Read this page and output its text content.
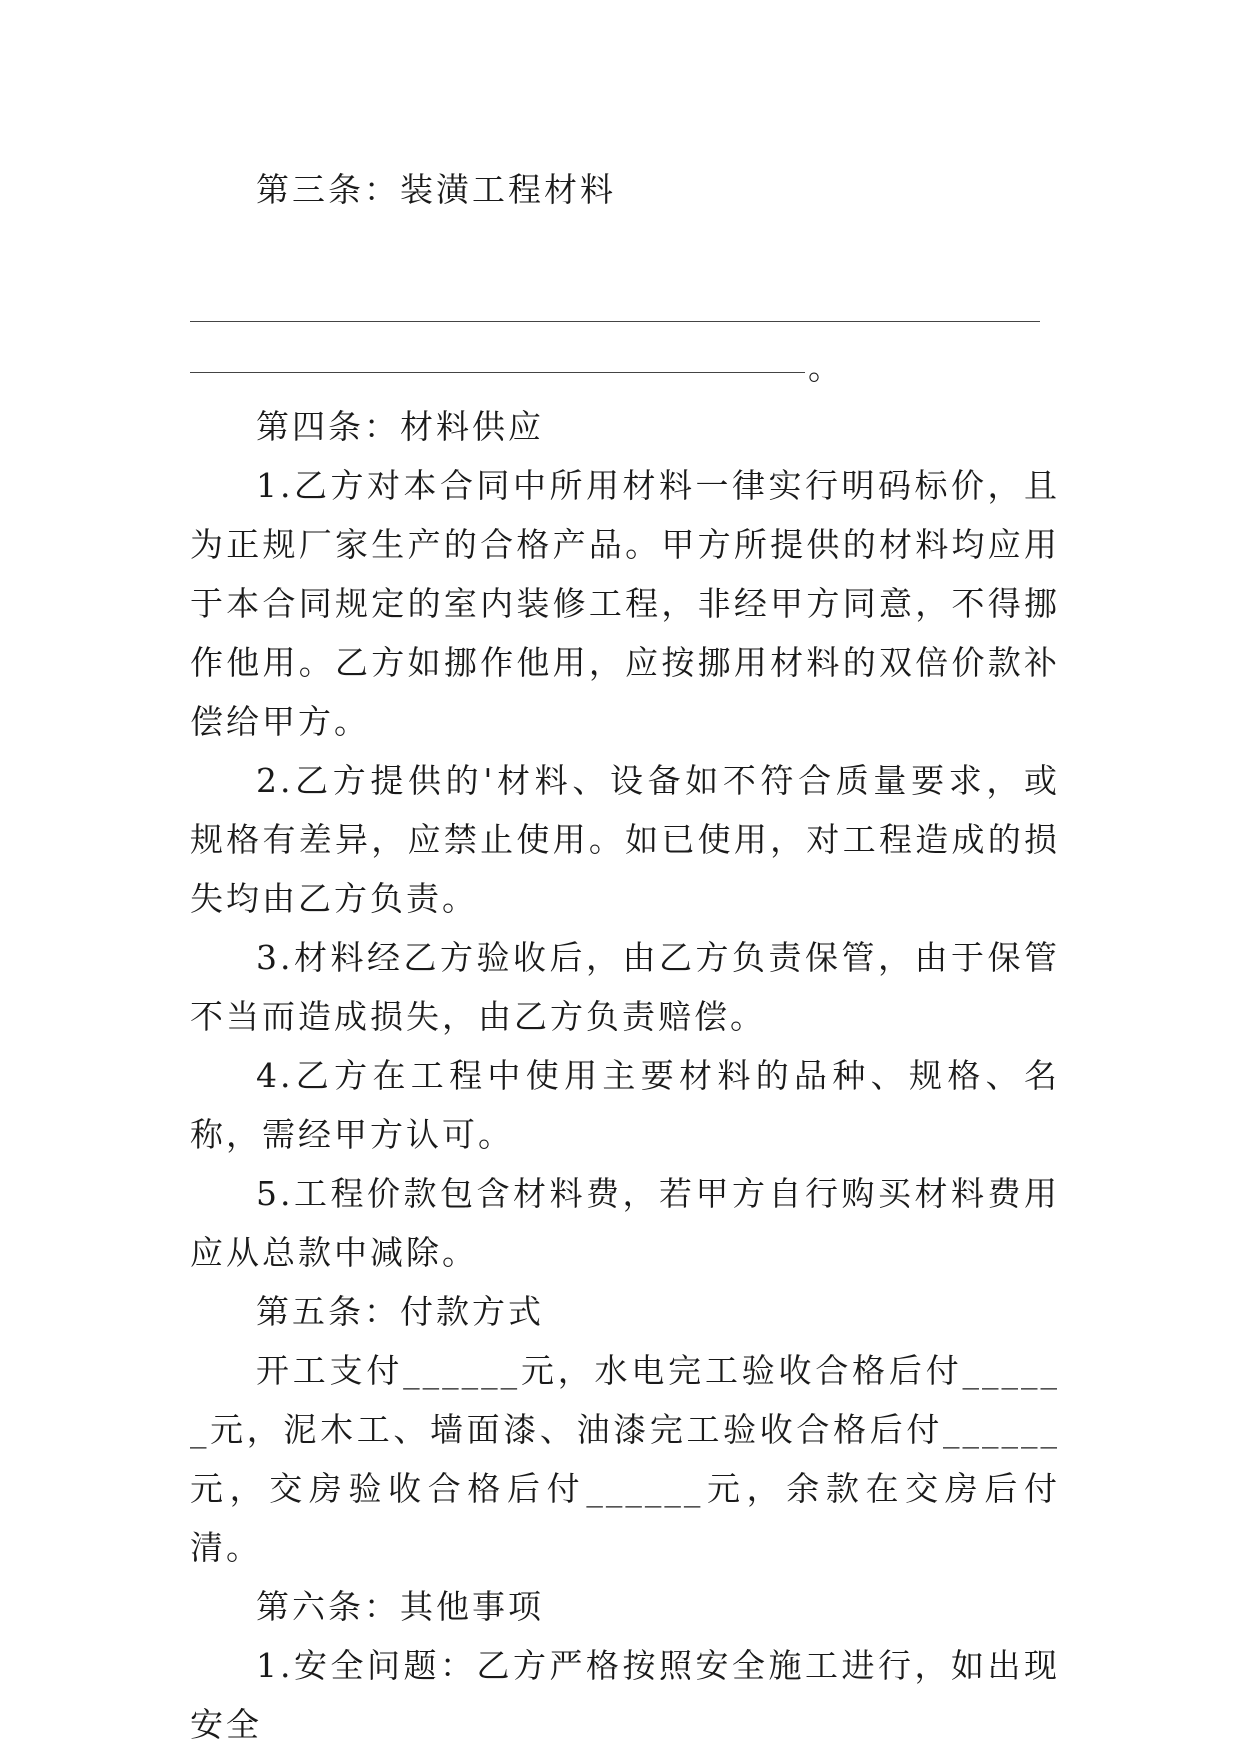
第三条：装潢工程材料

。

第四条：材料供应

1.乙方对本合同中所用材料一律实行明码标价，且为正规厂家生产的合格产品。甲方所提供的材料均应用于本合同规定的室内装修工程，非经甲方同意，不得挪作他用。乙方如挪作他用，应按挪用材料的双倍价款补偿给甲方。

2.乙方提供的'材料、设备如不符合质量要求，或规格有差异，应禁止使用。如已使用，对工程造成的损失均由乙方负责。

3.材料经乙方验收后，由乙方负责保管，由于保管不当而造成损失，由乙方负责赔偿。

4.乙方在工程中使用主要材料的品种、规格、名称，需经甲方认可。

5.工程价款包含材料费，若甲方自行购买材料费用应从总款中减除。

第五条：付款方式

开工支付______元，水电完工验收合格后付______元，泥木工、墙面漆、油漆完工验收合格后付______元，交房验收合格后付______元，余款在交房后付清。

第六条：其他事项

1.安全问题：乙方严格按照安全施工进行，如出现安全
